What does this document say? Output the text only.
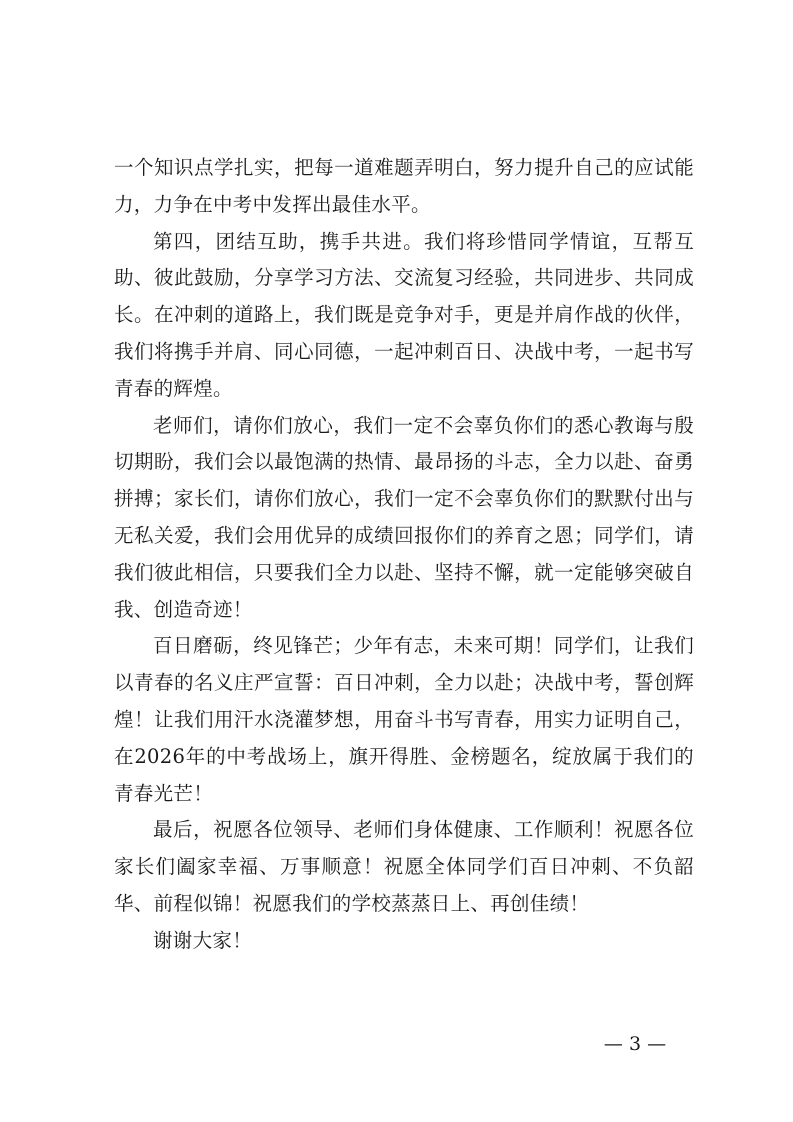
一个知识点学扎实，把每一道难题弄明白，努力提升自己的应试能力，力争在中考中发挥出最佳水平。

第四，团结互助，携手共进。我们将珍惜同学情谊，互帮互助、彼此鼓励，分享学习方法、交流复习经验，共同进步、共同成长。在冲刺的道路上，我们既是竞争对手，更是并肩作战的伙伴，我们将携手并肩、同心同德，一起冲刺百日、决战中考，一起书写青春的辉煌。

老师们，请你们放心，我们一定不会辜负你们的悉心教诲与殷切期盼，我们会以最饱满的热情、最昂扬的斗志，全力以赴、奋勇拼搏；家长们，请你们放心，我们一定不会辜负你们的默默付出与无私关爱，我们会用优异的成绩回报你们的养育之恩；同学们，请我们彼此相信，只要我们全力以赴、坚持不懈，就一定能够突破自我、创造奇迹！

百日磨砺，终见锋芒；少年有志，未来可期！同学们，让我们以青春的名义庄严宣誓：百日冲刺，全力以赴；决战中考，誓创辉煌！让我们用汗水浇灌梦想，用奋斗书写青春，用实力证明自己，在2026年的中考战场上，旗开得胜、金榜题名，绽放属于我们的青春光芒！

最后，祝愿各位领导、老师们身体健康、工作顺利！祝愿各位家长们阖家幸福、万事顺意！祝愿全体同学们百日冲刺、不负韶华、前程似锦！祝愿我们的学校蒸蒸日上、再创佳绩！

谢谢大家！

— 3 —
